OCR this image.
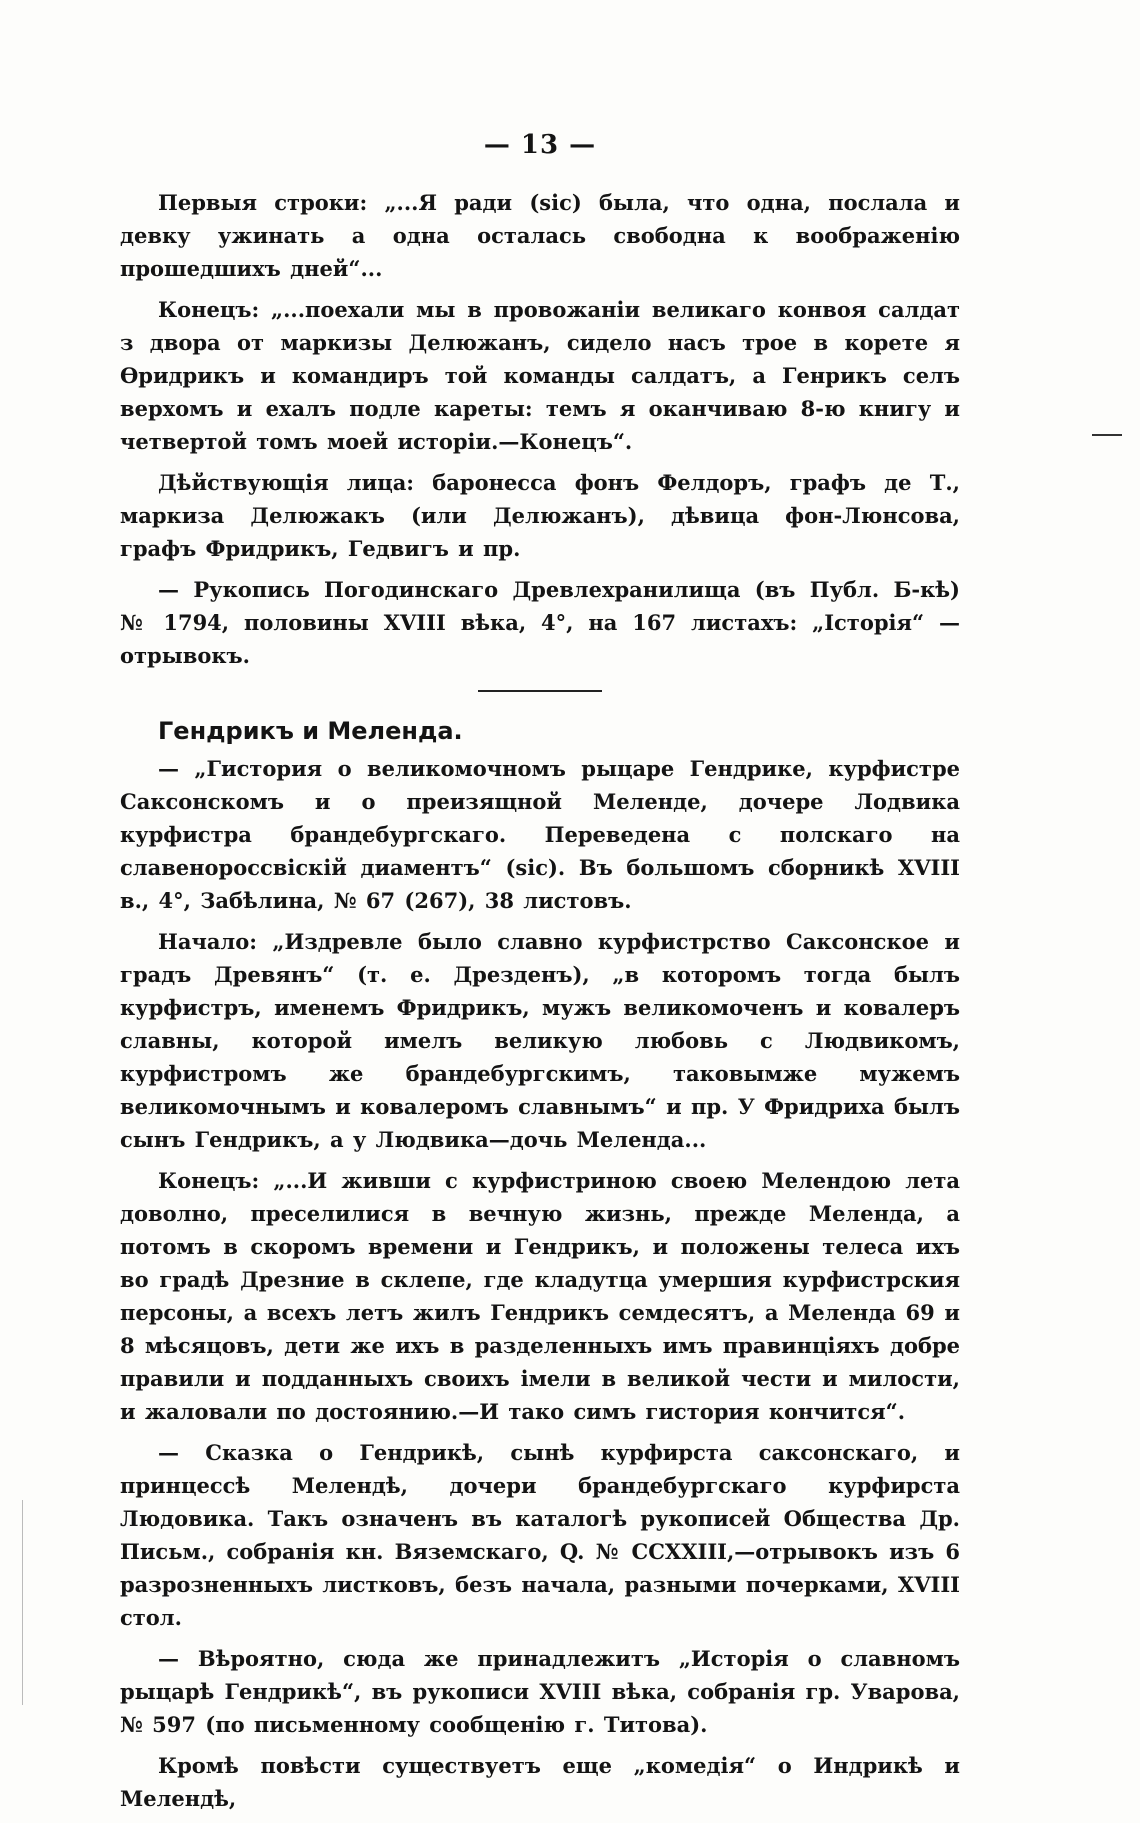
— 13 —

Первыя строки: „...Я ради (sic) была, что одна, послала и девку ужинать а одна осталась свободна к воображенію прошедшихъ дней“...

Конецъ: „...поехали мы в провожаніи великаго конвоя салдат з двора от маркизы Делюжанъ, сидело насъ трое в корете я Өридрикъ и командиръ той команды салдатъ, а Генрикъ селъ верхомъ и ехалъ подле кареты: темъ я оканчиваю 8-ю книгу и четвертой томъ моей исторіи.—Конецъ“.

Дѣйствующія лица: баронесса фонъ Фелдоръ, графъ де Т., маркиза Делюжакъ (или Делюжанъ), дѣвица фон-Люнсова, графъ Фридрикъ, Гедвигъ и пр.

— Рукопись Погодинскаго Древлехранилища (въ Публ. Б-кѣ) № 1794, половины XVIII вѣка, 4°, на 167 листахъ: „Історія“ — отрывокъ.

Гендрикъ и Меленда.

— „Гистория о великомочномъ рыцаре Гендрике, курфистре Саксонскомъ и о преизящной Меленде, дочере Лодвика курфистра брандебургскаго. Переведена с полскаго на славенороссвіскій диаментъ“ (sic). Въ большомъ сборникѣ XVIII в., 4°, Забѣлина, № 67 (267), 38 листовъ.

Начало: „Издревле было славно курфистрство Саксонское и градъ Древянъ“ (т. е. Дрезденъ), „в которомъ тогда былъ курфистръ, именемъ Фридрикъ, мужъ великомоченъ и ковалеръ славны, которой имелъ великую любовь с Людвикомъ, курфистромъ же брандебургскимъ, таковымже мужемъ великомочнымъ и ковалеромъ славнымъ“ и пр. У Фридриха былъ сынъ Гендрикъ, а у Людвика—дочь Меленда...

Конецъ: „...И живши с курфистриною своею Мелендою лета доволно, преселилися в вечную жизнь, прежде Меленда, а потомъ в скоромъ времени и Гендрикъ, и положены телеса ихъ во градѣ Дрезние в склепе, где кладутца умершия курфистрския персоны, а всехъ летъ жилъ Гендрикъ семдесятъ, а Меленда 69 и 8 мѣсяцовъ, дети же ихъ в разделенныхъ имъ правинціяхъ добре правили и подданныхъ своихъ імели в великой чести и милости, и жаловали по достоянию.—И тако симъ гистория кончится“.

— Сказка о Гендрикѣ, сынѣ курфирста саксонскаго, и принцессѣ Мелендѣ, дочери брандебургскаго курфирста Людовика. Такъ означенъ въ каталогѣ рукописей Общества Др. Письм., собранія кн. Вяземскаго, Q. № CCXXIII,—отрывокъ изъ 6 разрозненныхъ листковъ, безъ начала, разными почерками, XVIII стол.

— Вѣроятно, сюда же принадлежитъ „Исторія о славномъ рыцарѣ Гендрикѣ“, въ рукописи XVIII вѣка, собранія гр. Уварова, № 597 (по письменному сообщенію г. Титова).

Кромѣ повѣсти существуетъ еще „комедія“ о Индрикѣ и Мелендѣ,
